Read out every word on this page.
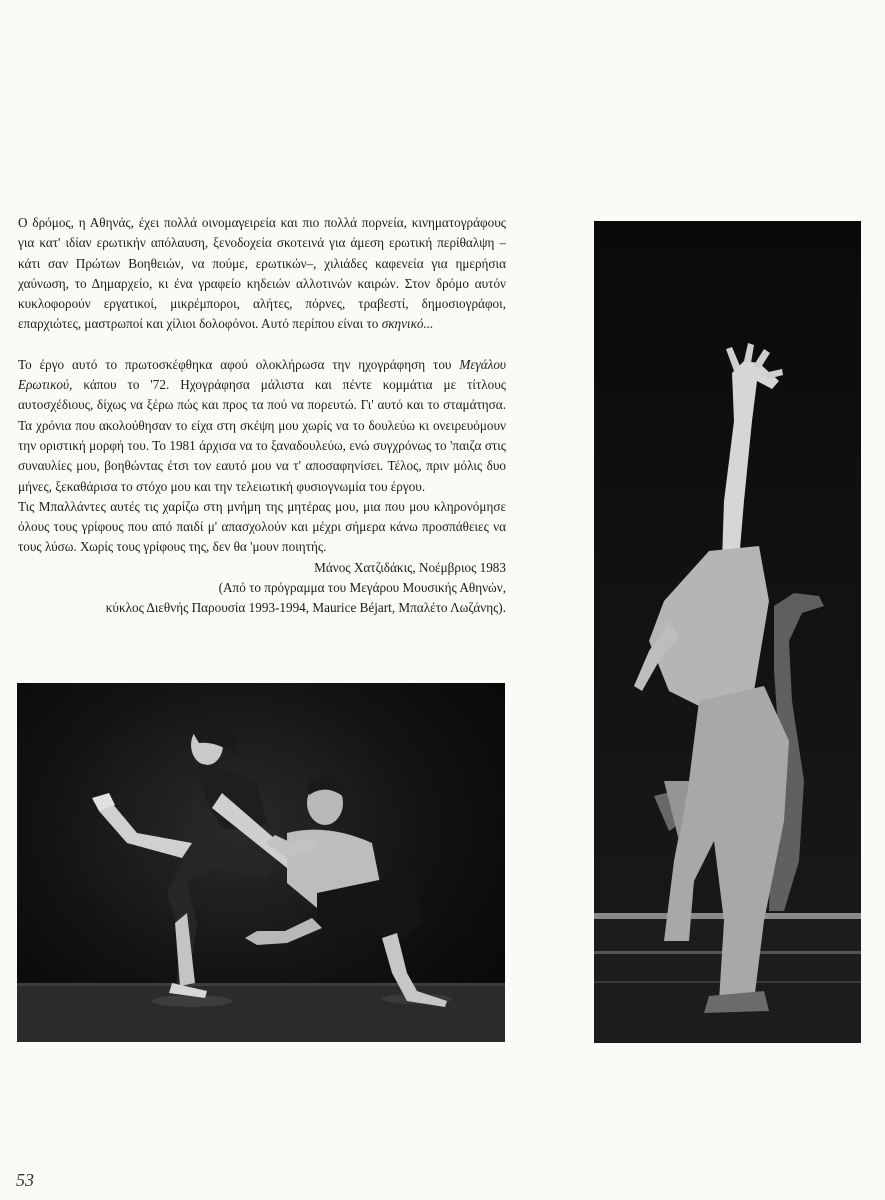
Ο δρόμος, η Αθηνάς, έχει πολλά οινομαγειρεία και πιο πολλά πορνεία, κινηματογράφους για κατ' ιδίαν ερωτικήν απόλαυση, ξενοδοχεία σκοτεινά για άμεση ερωτική περίθαλψη –κάτι σαν Πρώτων Βοηθειών, να πούμε, ερωτικών–, χιλιάδες καφενεία για ημερήσια χαύνωση, το Δημαρχείο, κι ένα γραφείο κηδειών αλλοτινών καιρών. Στον δρόμο αυτόν κυκλοφορούν εργατικοί, μικρέμποροι, αλήτες, πόρνες, τραβεστί, δημοσιογράφοι, επαρχιώτες, μαστρωποί και χίλιοι δολοφόνοι. Αυτό περίπου είναι το σκηνικό...

Το έργο αυτό το πρωτοσκέφθηκα αφού ολοκλήρωσα την ηχογράφηση του Μεγάλου Ερωτικού, κάπου το '72. Ηχογράφησα μάλιστα και πέντε κομμάτια με τίτλους αυτοσχέδιους, δίχως να ξέρω πώς και προς τα πού να πορευτώ. Γι' αυτό και το σταμάτησα. Τα χρόνια που ακολούθησαν το είχα στη σκέψη μου χωρίς να το δουλεύω κι ονειρευόμουν την οριστική μορφή του. Το 1981 άρχισα να το ξαναδουλεύω, ενώ συγχρόνως το 'παιζα στις συναυλίες μου, βοηθώντας έτσι τον εαυτό μου να τ' αποσαφηνίσει. Τέλος, πριν μόλις δυο μήνες, ξεκαθάρισα το στόχο μου και την τελειωτική φυσιογνωμία του έργου.

Τις Μπαλλάντες αυτές τις χαρίζω στη μνήμη της μητέρας μου, μια που μου κληρονόμησε όλους τους γρίφους που από παιδί μ' απασχολούν και μέχρι σήμερα κάνω προσπάθειες να τους λύσω. Χωρίς τους γρίφους της, δεν θα 'μουν ποιητής.

Μάνος Χατζιδάκις, Νοέμβριος 1983

(Από το πρόγραμμα του Μεγάρου Μουσικής Αθηνών,

κύκλος Διεθνής Παρουσία 1993-1994, Maurice Béjart, Μπαλέτο Λωζάνης).

53
